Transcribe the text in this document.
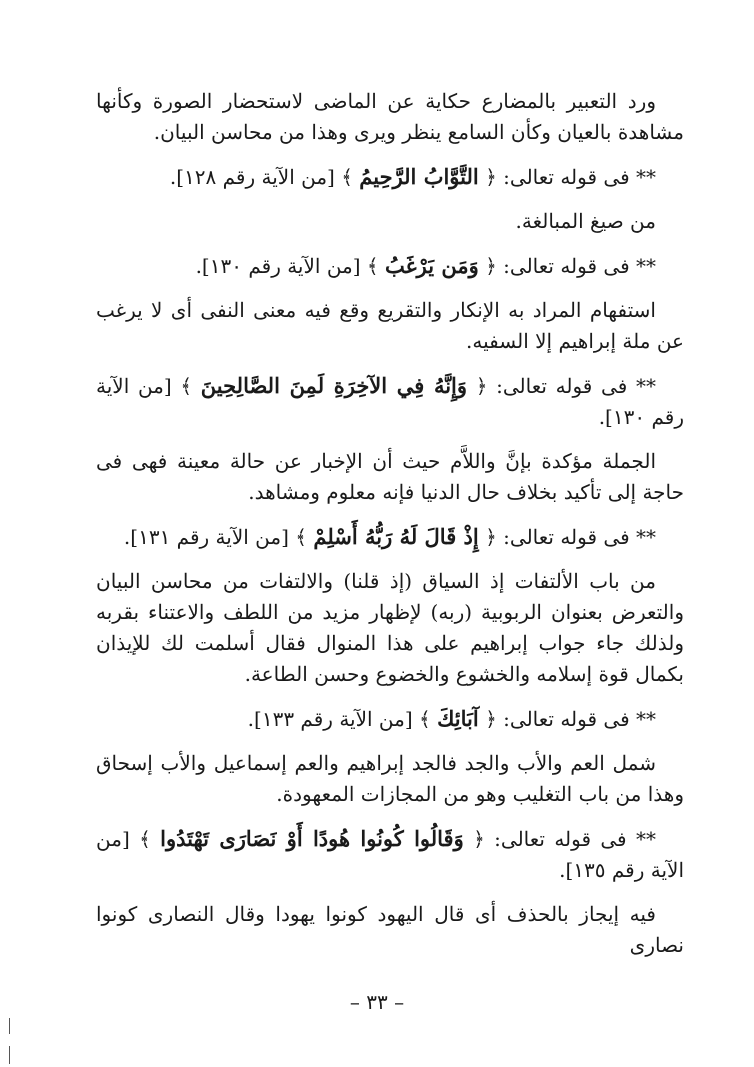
ورد التعبير بالمضارع حكاية عن الماضى لاستحضار الصورة وكأنها مشاهدة بالعيان وكأن السامع ينظر ويرى وهذا من محاسن البيان.

** فى قوله تعالى: ﴿ التَّوَّابُ الرَّحِيمُ ﴾ [من الآية رقم ١٢٨].

من صيغ المبالغة.

** فى قوله تعالى: ﴿ وَمَن يَرْغَبُ ﴾ [من الآية رقم ١٣٠].

استفهام المراد به الإنكار والتقريع وقع فيه معنى النفى أى لا يرغب عن ملة إبراهيم إلا السفيه.

** فى قوله تعالى: ﴿ وَإِنَّهُ فِي الآخِرَةِ لَمِنَ الصَّالِحِينَ ﴾ [من الآية رقم ١٣٠].

الجملة مؤكدة بإنَّ واللاَّم حيث أن الإخبار عن حالة معينة فهى فى حاجة إلى تأكيد بخلاف حال الدنيا فإنه معلوم ومشاهد.

** فى قوله تعالى: ﴿ إِذْ قَالَ لَهُ رَبُّهُ أَسْلِمْ ﴾ [من الآية رقم ١٣١].

من باب الألتفات إذ السياق (إذ قلنا) والالتفات من محاسن البيان والتعرض بعنوان الربوبية (ربه) لإظهار مزيد من اللطف والاعتناء بقربه ولذلك جاء جواب إبراهيم على هذا المنوال فقال أسلمت لك للإيذان بكمال قوة إسلامه والخشوع والخضوع وحسن الطاعة.

** فى قوله تعالى: ﴿ آبَائِكَ ﴾ [من الآية رقم ١٣٣].

شمل العم والأب والجد فالجد إبراهيم والعم إسماعيل والأب إسحاق وهذا من باب التغليب وهو من المجازات المعهودة.

** فى قوله تعالى: ﴿ وَقَالُوا كُونُوا هُودًا أَوْ نَصَارَى تَهْتَدُوا ﴾ [من الآية رقم ١٣٥].

فيه إيجاز بالحذف أى قال اليهود كونوا يهودا وقال النصارى كونوا نصارى

– ٣٣ –
